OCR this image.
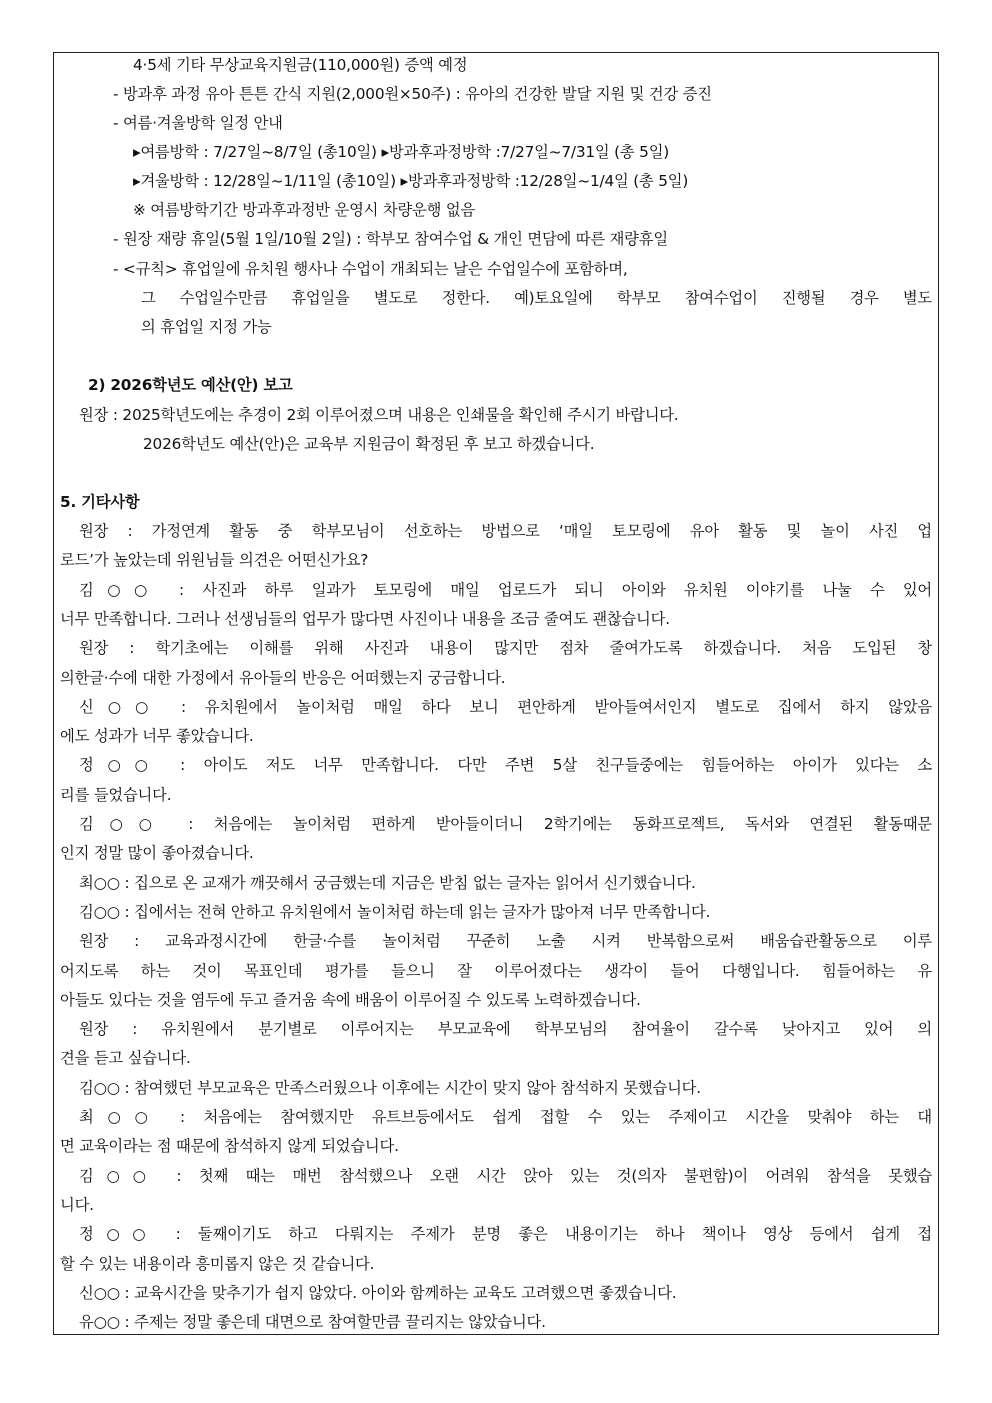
4·5세 기타 무상교육지원금(110,000원) 증액 예정
- 방과후 과정 유아 튼튼 간식 지원(2,000원×50주) : 유아의 건강한 발달 지원 및 건강 증진
- 여름·겨울방학 일정 안내
▸여름방학 : 7/27일~8/7일 (총10일) ▸방과후과정방학 :7/27일~7/31일 (총 5일)
▸겨울방학 : 12/28일~1/11일 (총10일) ▸방과후과정방학 :12/28일~1/4일 (총 5일)
※ 여름방학기간 방과후과정반 운영시 차량운행 없음
- 원장 재량 휴일(5월 1일/10월 2일) : 학부모 참여수업 & 개인 면담에 따른 재량휴일
- <규칙> 휴업일에 유치원 행사나 수업이 개최되는 날은 수업일수에 포함하며,
그 수업일수만큼 휴업일을 별도로 정한다. 예)토요일에 학부모 참여수업이 진행될 경우 별도
의 휴업일 지정 가능
2) 2026학년도 예산(안) 보고
원장 : 2025학년도에는 추경이 2회 이루어졌으며 내용은 인쇄물을 확인해 주시기 바랍니다.
2026학년도 예산(안)은 교육부 지원금이 확정된 후 보고 하겠습니다.
5. 기타사항
원장 : 가정연계 활동 중 학부모님이 선호하는 방법으로 ‘매일 토모링에 유아 활동 및 놀이 사진 업
로드’가 높았는데 위원님들 의견은 어떤신가요?
김○○ : 사진과 하루 일과가 토모링에 매일 업로드가 되니 아이와 유치원 이야기를 나눌 수 있어
너무 만족합니다. 그러나 선생님들의 업무가 많다면 사진이나 내용을 조금 줄여도 괜찮습니다.
원장 : 학기초에는 이해를 위해 사진과 내용이 많지만 점차 줄여가도록 하겠습니다. 처음 도입된 창
의한글·수에 대한 가정에서 유아들의 반응은 어떠했는지 궁금합니다.
신○○ : 유치원에서 놀이처럼 매일 하다 보니 편안하게 받아들여서인지 별도로 집에서 하지 않았음
에도 성과가 너무 좋았습니다.
정○○ : 아이도 저도 너무 만족합니다. 다만 주변 5살 친구들중에는 힘들어하는 아이가 있다는 소
리를 들었습니다.
김○○ : 처음에는 놀이처럼 편하게 받아들이더니 2학기에는 동화프로젝트, 독서와 연결된 활동때문
인지 정말 많이 좋아졌습니다.
최○○ : 집으로 온 교재가 깨끗해서 궁금했는데 지금은 받침 없는 글자는 읽어서 신기했습니다.
김○○ : 집에서는 전혀 안하고 유치원에서 놀이처럼 하는데 읽는 글자가 많아져 너무 만족합니다.
원장 : 교육과정시간에 한글·수를 놀이처럼 꾸준히 노출 시켜 반복함으로써 배움습관활동으로 이루
어지도록 하는 것이 목표인데 평가를 들으니 잘 이루어졌다는 생각이 들어 다행입니다. 힘들어하는 유
아들도 있다는 것을 염두에 두고 즐거움 속에 배움이 이루어질 수 있도록 노력하겠습니다.
원장 : 유치원에서 분기별로 이루어지는 부모교육에 학부모님의 참여율이 갈수록 낮아지고 있어 의
견을 듣고 싶습니다.
김○○ : 참여했던 부모교육은 만족스러웠으나 이후에는 시간이 맞지 않아 참석하지 못했습니다.
최○○ : 처음에는 참여했지만 유트브등에서도 쉽게 접할 수 있는 주제이고 시간을 맞춰야 하는 대
면 교육이라는 점 때문에 참석하지 않게 되었습니다.
김○○ : 첫째 때는 매번 참석했으나 오랜 시간 앉아 있는 것(의자 불편함)이 어려워 참석을 못했습
니다.
정○○ : 둘째이기도 하고 다뤄지는 주제가 분명 좋은 내용이기는 하나 책이나 영상 등에서 쉽게 접
할 수 있는 내용이라 흥미롭지 않은 것 같습니다.
신○○ : 교육시간을 맞추기가 쉽지 않았다. 아이와 함께하는 교육도 고려했으면 좋겠습니다.
유○○ : 주제는 정말 좋은데 대면으로 참여할만큼 끌리지는 않았습니다.
